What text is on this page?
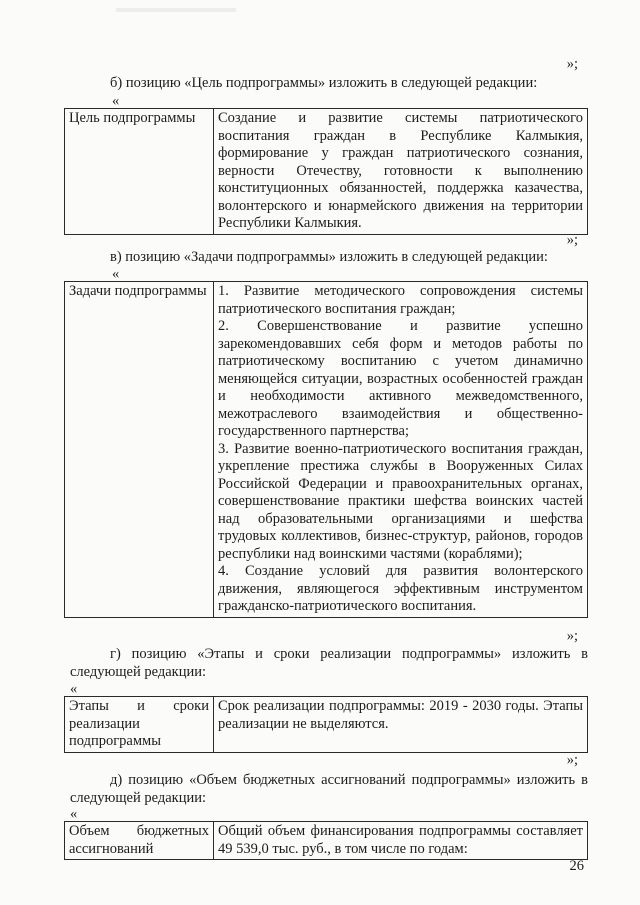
»;
б) позицию «Цель подпрограммы» изложить в следующей редакции:
«
Цель подпрограммы	Создание и развитие системы патриотического воспитания граждан в Республике Калмыкия, формирование у граждан патриотического сознания, верности Отечеству, готовности к выполнению конституционных обязанностей, поддержка казачества, волонтерского и юнармейского движения на территории Республики Калмыкия.
»;
в) позицию «Задачи подпрограммы» изложить в следующей редакции:
«
Задачи подпрограммы	1. Развитие методического сопровождения системы патриотического воспитания граждан;
2. Совершенствование и развитие успешно зарекомендовавших себя форм и методов работы по патриотическому воспитанию с учетом динамично меняющейся ситуации, возрастных особенностей граждан и необходимости активного межведомственного, межотраслевого взаимодействия и общественно-государственного партнерства;
3. Развитие военно-патриотического воспитания граждан, укрепление престижа службы в Вооруженных Силах Российской Федерации и правоохранительных органах, совершенствование практики шефства воинских частей над образовательными организациями и шефства трудовых коллективов, бизнес-структур, районов, городов республики над воинскими частями (кораблями);
4. Создание условий для развития волонтерского движения, являющегося эффективным инструментом гражданско-патриотического воспитания.
»;
г) позицию «Этапы и сроки реализации подпрограммы» изложить в следующей редакции:
«
Этапы и сроки
реализации
подпрограммы
	Срок реализации подпрограммы: 2019 - 2030 годы. Этапы реализации не выделяются.
»;
д) позицию «Объем бюджетных ассигнований подпрограммы» изложить в следующей редакции:
«
Объем бюджетных ассигнований	Общий объем финансирования подпрограммы составляет 49 539,0 тыс. руб., в том числе по годам:
26
